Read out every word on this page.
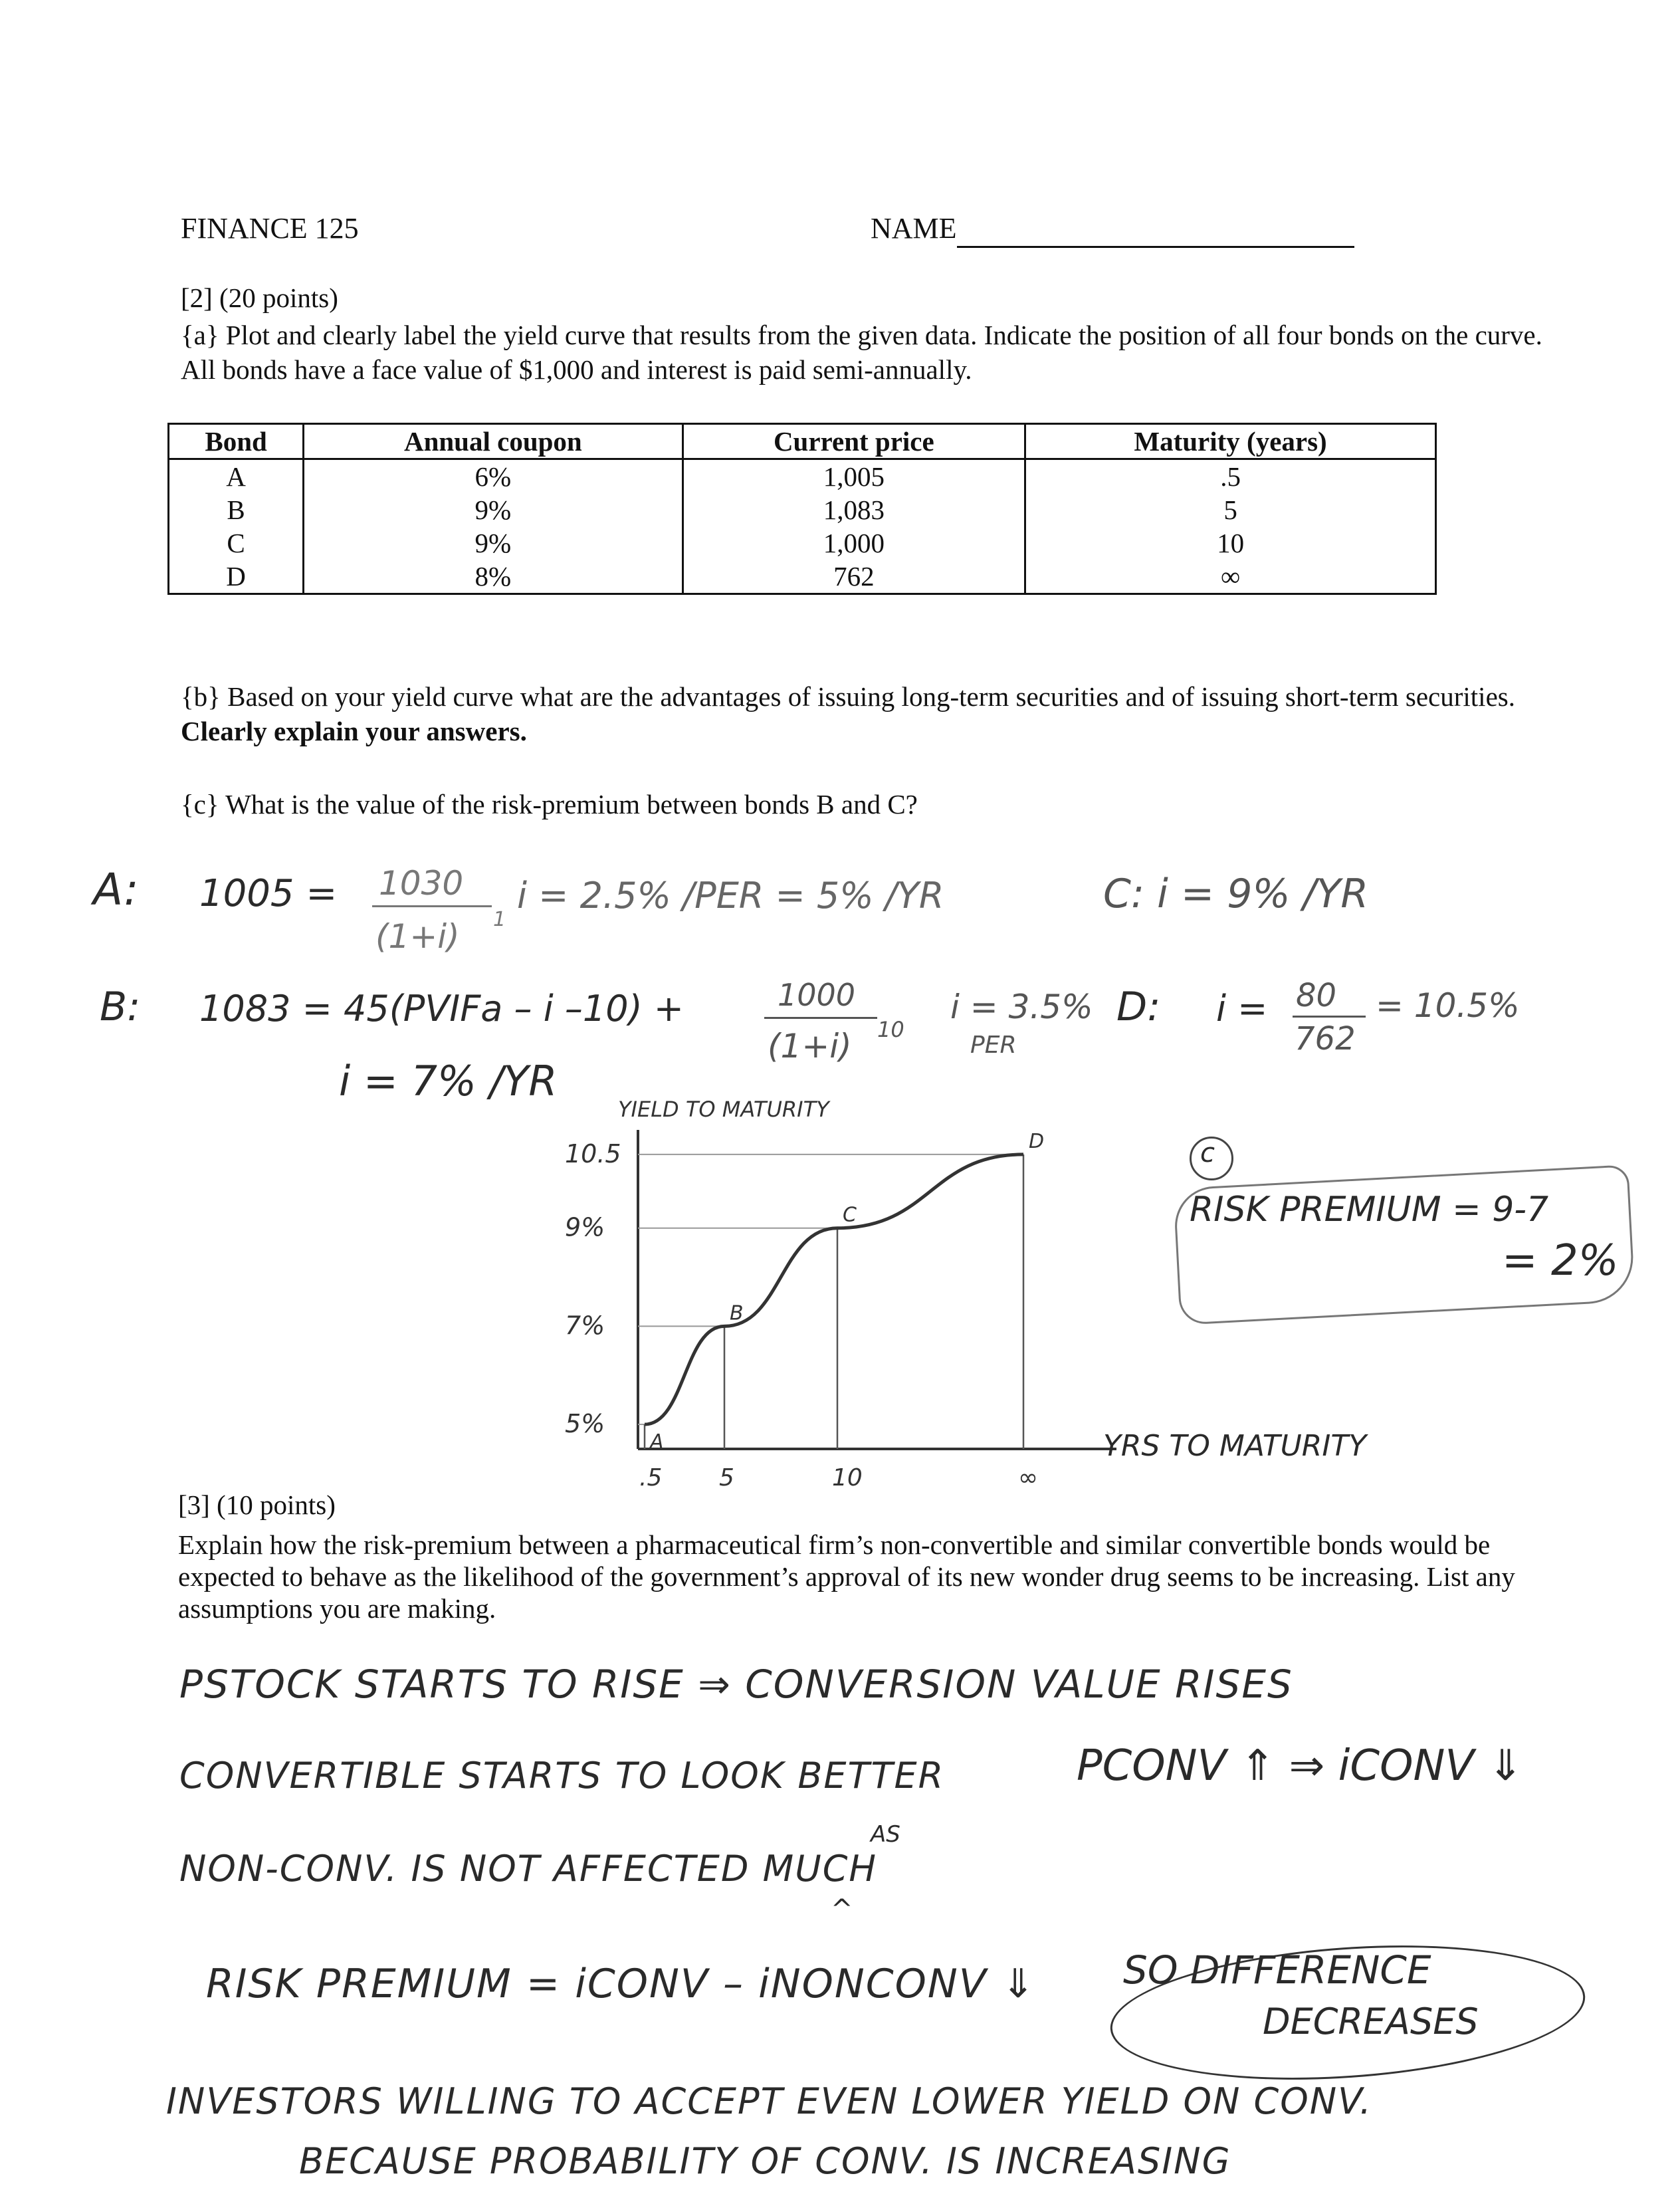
FINANCE 125	NAME
[2] (20 points)
{a} Plot and clearly label the yield curve that results from the given data. Indicate the position of all four bonds on the curve. All bonds have a face value of $1,000 and interest is paid semi-annually.
Bond	Annual coupon	Current price	Maturity (years)
A	6%	1,005	.5
B	9%	1,083	5
C	9%	1,000	10
D	8%	762	∞
{b} Based on your yield curve what are the advantages of issuing long-term securities and of issuing short-term securities. Clearly explain your answers.
{c} What is the value of the risk-premium between bonds B and C?
A: 1005 = 1030
(1+i) 1
i = 2.5% /PER = 5% /YR	C: i = 9% /YR
B: 1083 = 45(PVIFa – i –10) +	1000
(1+i) 10
i = 3.5%
PER
D: i = 80
762
= 10.5%
i = 7% /YR
10.5
9%
7%
5%
.5
A
5
B
10
C
∞
D
YIELD TO MATURITY
YRS TO MATURITY
c
RISK PREMIUM = 9-7
= 2%
[3] (10 points)
Explain how the risk-premium between a pharmaceutical firm’s non-convertible and similar convertible bonds would be expected to behave as the likelihood of the government’s approval of its new wonder drug seems to be increasing. List any assumptions you are making.
PSTOCK STARTS TO RISE ⇒ CONVERSION VALUE RISES
CONVERTIBLE STARTS TO LOOK BETTER	PCONV ⇑ ⇒ iCONV ⇓
AS
NON-CONV. IS NOT AFFECTED MUCH
^
RISK PREMIUM = iCONV – iNONCONV ⇓ SO DIFFERENCE
DECREASES
INVESTORS WILLING TO ACCEPT EVEN LOWER YIELD ON CONV.
BECAUSE PROBABILITY OF CONV. IS INCREASING
